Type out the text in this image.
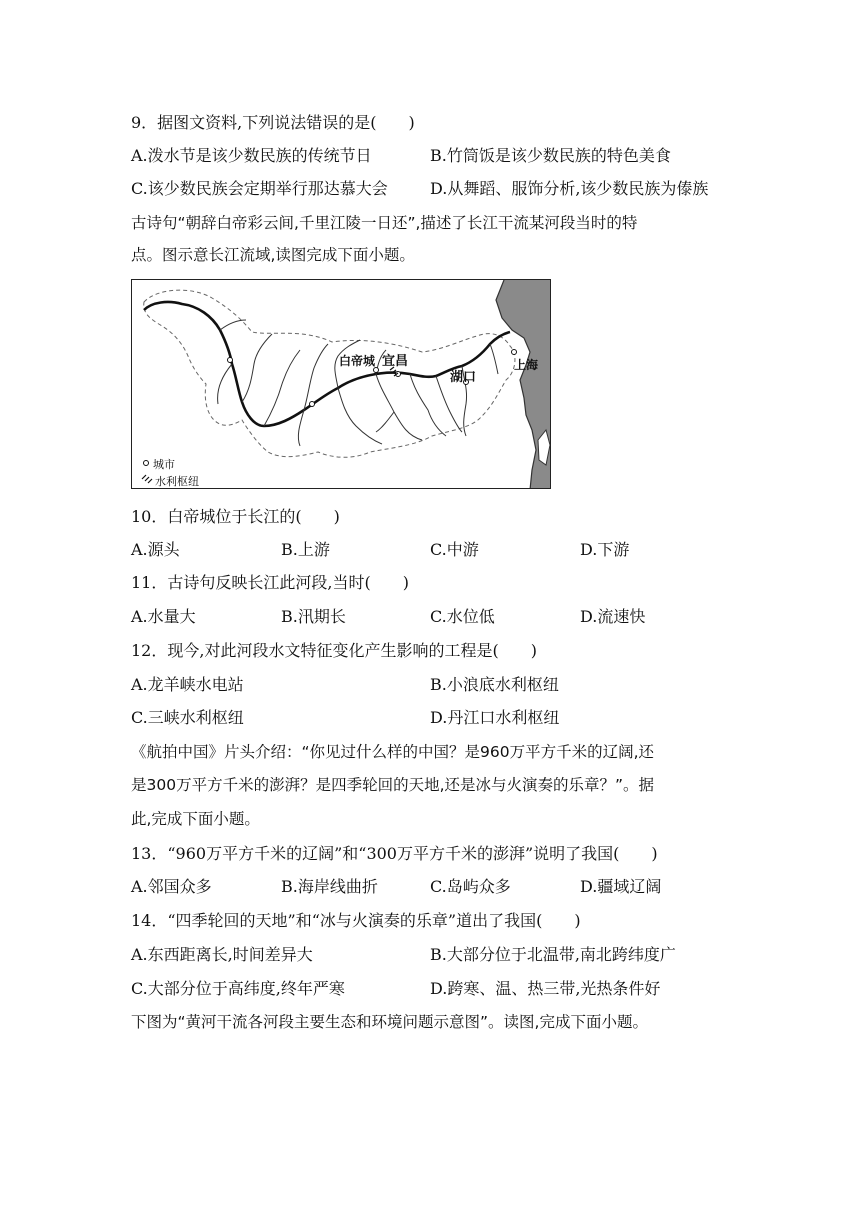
9．据图文资料,下列说法错误的是(　　)
A.泼水节是该少数民族的传统节日	B.竹筒饭是该少数民族的特色美食
C.该少数民族会定期举行那达慕大会	D.从舞蹈、服饰分析,该少数民族为傣族
古诗句“朝辞白帝彩云间,千里江陵一日还”,描述了长江干流某河段当时的特
点。图示意长江流域,读图完成下面小题。
白帝城 宜昌
湖口
上海
城市
水利枢纽
10．白帝城位于长江的(　　)
A.源头	B.上游	C.中游	D.下游
11．古诗句反映长江此河段,当时(　　)
A.水量大	B.汛期长	C.水位低	D.流速快
12．现今,对此河段水文特征变化产生影响的工程是(　　)
A.龙羊峡水电站	B.小浪底水利枢纽
C.三峡水利枢纽	D.丹江口水利枢纽
《航拍中国》片头介绍：“你见过什么样的中国？是960万平方千米的辽阔,还
是300万平方千米的澎湃？是四季轮回的天地,还是冰与火演奏的乐章？”。据
此,完成下面小题。
13．“960万平方千米的辽阔”和“300万平方千米的澎湃”说明了我国(　　)
A.邻国众多	B.海岸线曲折	C.岛屿众多	D.疆域辽阔
14．“四季轮回的天地”和“冰与火演奏的乐章”道出了我国(　　)
A.东西距离长,时间差异大	B.大部分位于北温带,南北跨纬度广
C.大部分位于高纬度,终年严寒	D.跨寒、温、热三带,光热条件好
下图为“黄河干流各河段主要生态和环境问题示意图”。读图,完成下面小题。
